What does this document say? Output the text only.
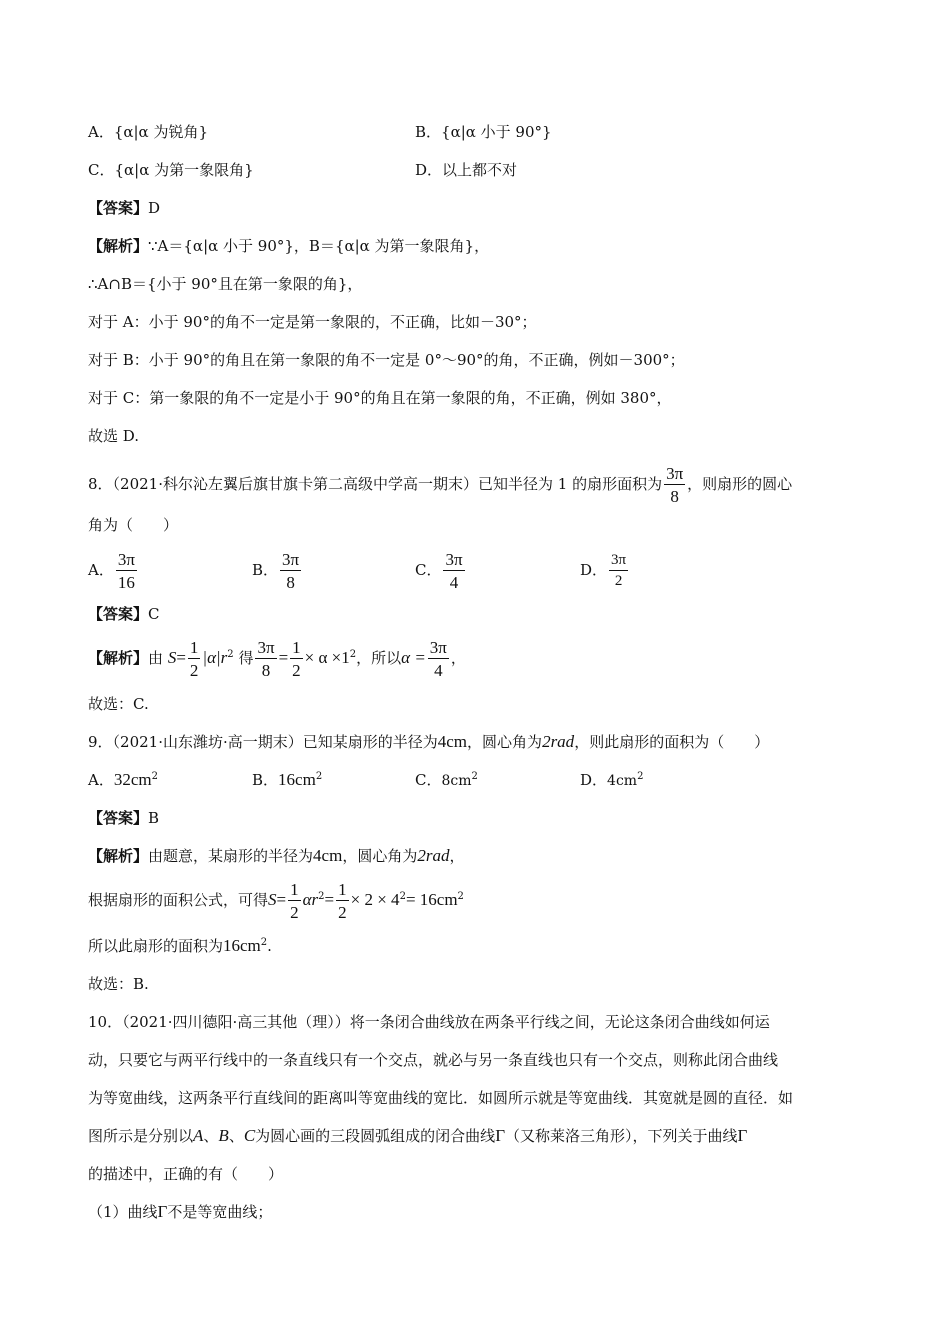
A．{α|α 为锐角}	B．{α|α 小于 90°}
C．{α|α 为第一象限角}	D．以上都不对
【答案】D
【解析】∵A＝{α|α 小于 90°}，B＝{α|α 为第一象限角}，
∴A∩B＝{小于 90°且在第一象限的角}，
对于 A：小于 90°的角不一定是第一象限的，不正确，比如－30°；
对于 B：小于 90°的角且在第一象限的角不一定是 0°～90°的角，不正确，例如－300°；
对于 C：第一象限的角不一定是小于 90°的角且在第一象限的角，不正确，例如 380°，
故选 D.
8．（2021·科尔沁左翼后旗甘旗卡第二高级中学高一期末）已知半径为 1 的扇形面积为 $\frac{3\pi}{8}$ ，则扇形的圆心
角为（　　）
A． $\frac{3\pi}{16}$	B． $\frac{3\pi}{8}$	C． $\frac{3\pi}{4}$	D． $\frac{3\pi}{2}$
【答案】C
【解析】由 $S= \frac{1}{2} |\alpha|r^2$ 得 $\frac{3\pi}{8} = \frac{1}{2} \times \alpha \times 1^2$，所以$\alpha = \frac{3\pi}{4}$ ，
故选：C.
9．（2021·山东潍坊·高一期末）已知某扇形的半径为4cm，圆心角为2rad，则此扇形的面积为（　　）
A．$32cm^2$	B．$16cm^2$	C．$8cm^2$	D．$4cm^2$
【答案】B
【解析】由题意，某扇形的半径为4cm，圆心角为2rad，
根据扇形的面积公式，可得$S= \frac{1}{2} \alpha r^2= \frac{1}{2} \times 2 \times 4^2= 16cm^2$
所以此扇形的面积为$16cm^2$.
故选：B.
10．（2021·四川德阳·高三其他（理））将一条闭合曲线放在两条平行线之间，无论这条闭合曲线如何运
动，只要它与两平行线中的一条直线只有一个交点，就必与另一条直线也只有一个交点，则称此闭合曲线
为等宽曲线，这两条平行直线间的距离叫等宽曲线的宽比．如圆所示就是等宽曲线．其宽就是圆的直径．如
图所示是分别以A、B、C为圆心画的三段圆弧组成的闭合曲线Γ（又称莱洛三角形），下列关于曲线Γ
的描述中，正确的有（　　）
（1）曲线Γ不是等宽曲线；
